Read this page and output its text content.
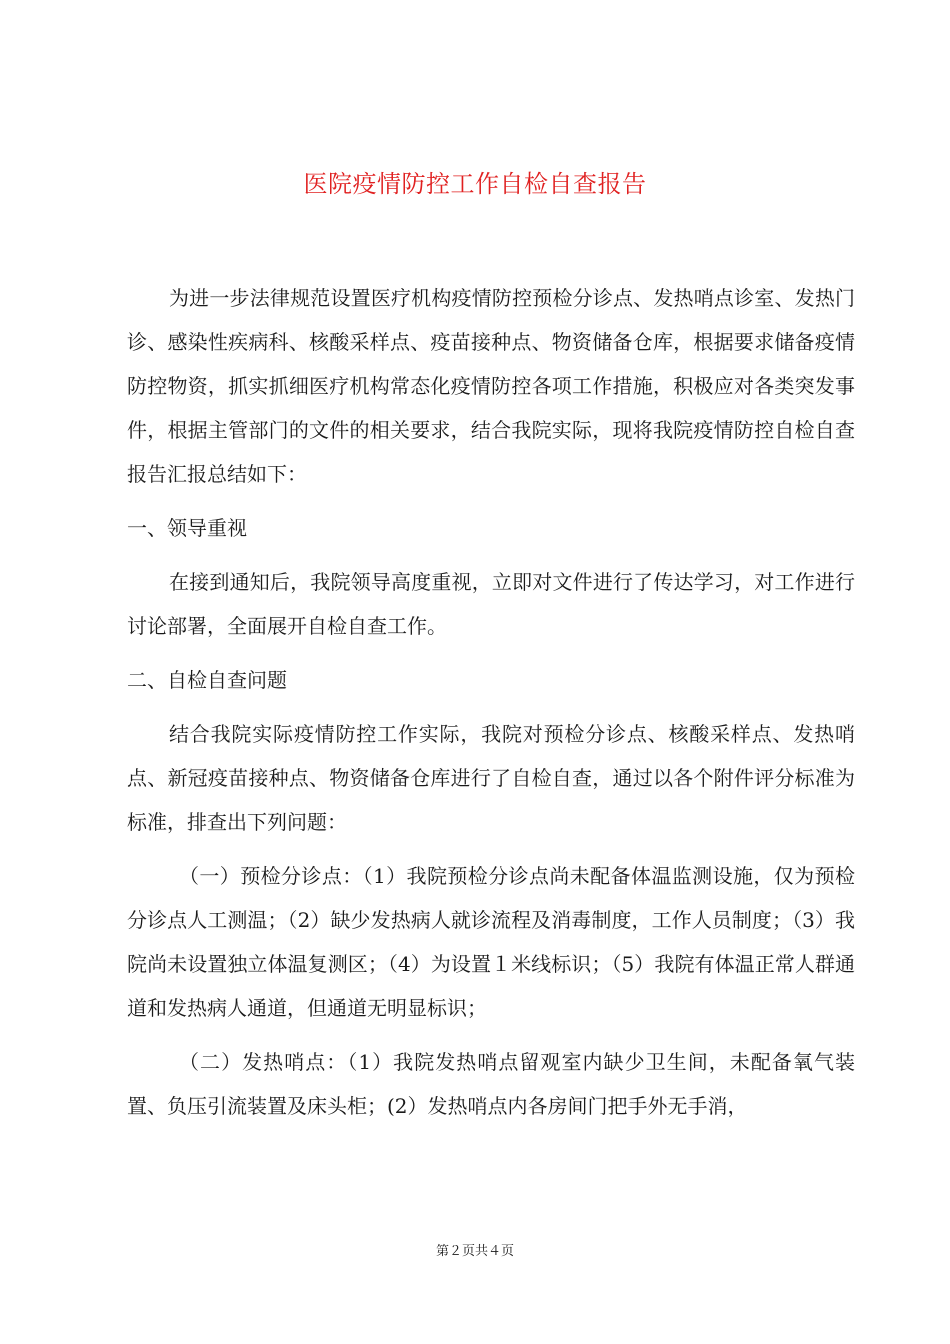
医院疫情防控工作自检自查报告

为进一步法律规范设置医疗机构疫情防控预检分诊点、发热哨点诊室、发热门诊、感染性疾病科、核酸采样点、疫苗接种点、物资储备仓库，根据要求储备疫情防控物资，抓实抓细医疗机构常态化疫情防控各项工作措施，积极应对各类突发事件，根据主管部门的文件的相关要求，结合我院实际，现将我院疫情防控自检自查报告汇报总结如下：

一、领导重视

在接到通知后，我院领导高度重视，立即对文件进行了传达学习，对工作进行讨论部署，全面展开自检自查工作。

二、自检自查问题

结合我院实际疫情防控工作实际，我院对预检分诊点、核酸采样点、发热哨点、新冠疫苗接种点、物资储备仓库进行了自检自查，通过以各个附件评分标准为标准，排查出下列问题：

（一）预检分诊点：（1）我院预检分诊点尚未配备体温监测设施，仅为预检分诊点人工测温；（2）缺少发热病人就诊流程及消毒制度，工作人员制度；（3）我院尚未设置独立体温复测区；（4）为设置１米线标识；（5）我院有体温正常人群通道和发热病人通道，但通道无明显标识；

（二）发热哨点：（1）我院发热哨点留观室内缺少卫生间，未配备氧气装置、负压引流装置及床头柜；(2）发热哨点内各房间门把手外无手消，

第２页共４页
